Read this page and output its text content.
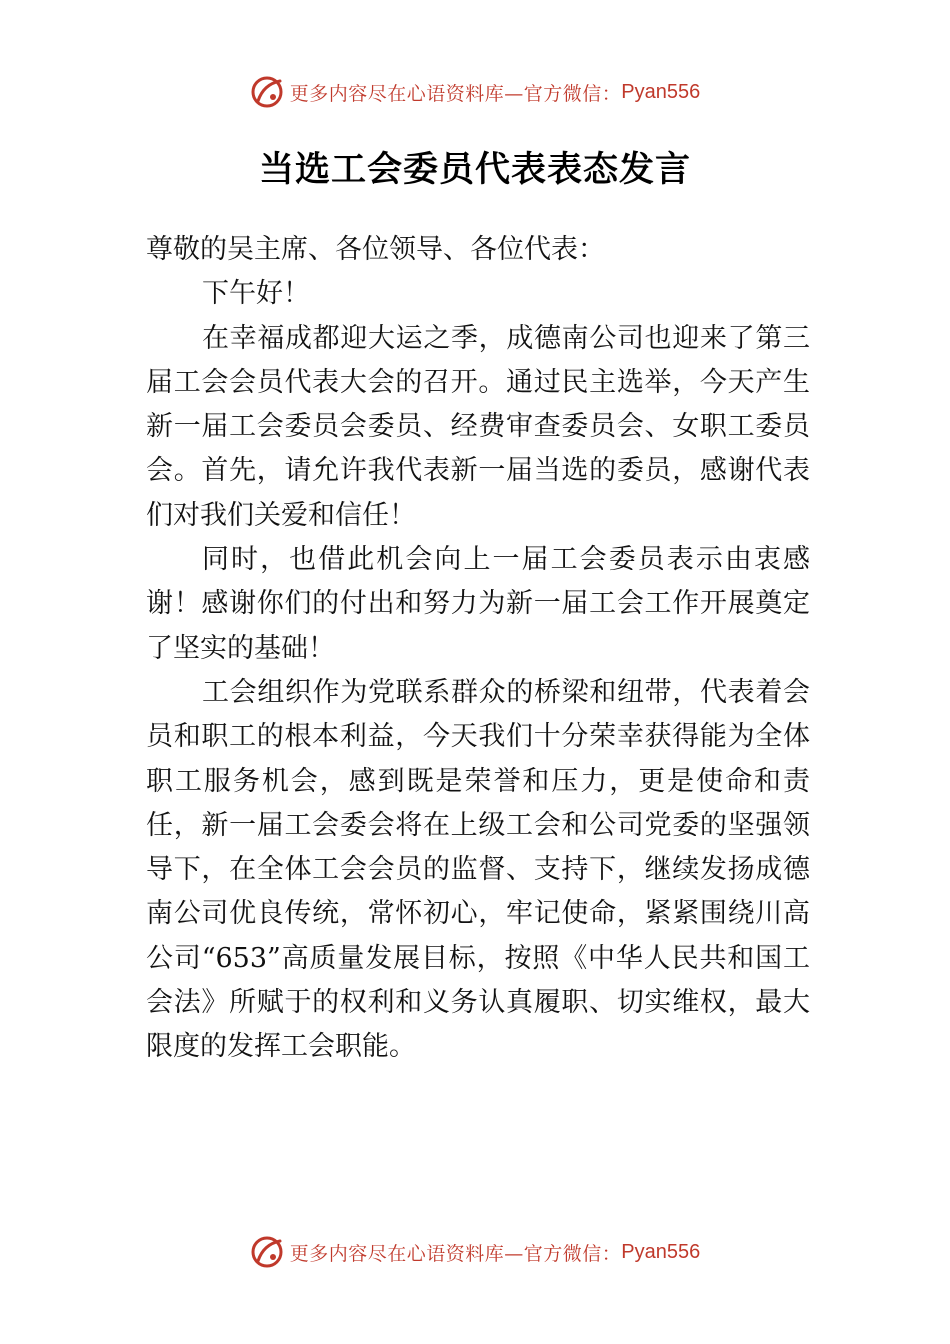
更多内容尽在心语资料库—官方微信： Pyan556
当选工会委员代表表态发言

尊敬的吴主席、各位领导、各位代表：

下午好！

在幸福成都迎大运之季，成德南公司也迎来了第三届工会会员代表大会的召开。通过民主选举，今天产生新一届工会委员会委员、经费审查委员会、女职工委员会。首先，请允许我代表新一届当选的委员，感谢代表们对我们关爱和信任！

同时，也借此机会向上一届工会委员表示由衷感谢！感谢你们的付出和努力为新一届工会工作开展奠定了坚实的基础！

工会组织作为党联系群众的桥梁和纽带，代表着会员和职工的根本利益，今天我们十分荣幸获得能为全体职工服务机会，感到既是荣誉和压力，更是使命和责任，新一届工会委会将在上级工会和公司党委的坚强领导下，在全体工会会员的监督、支持下，继续发扬成德南公司优良传统，常怀初心，牢记使命，紧紧围绕川高公司“653”高质量发展目标，按照《中华人民共和国工会法》所赋于的权利和义务认真履职、切实维权，最大限度的发挥工会职能。

更多内容尽在心语资料库—官方微信： Pyan556
